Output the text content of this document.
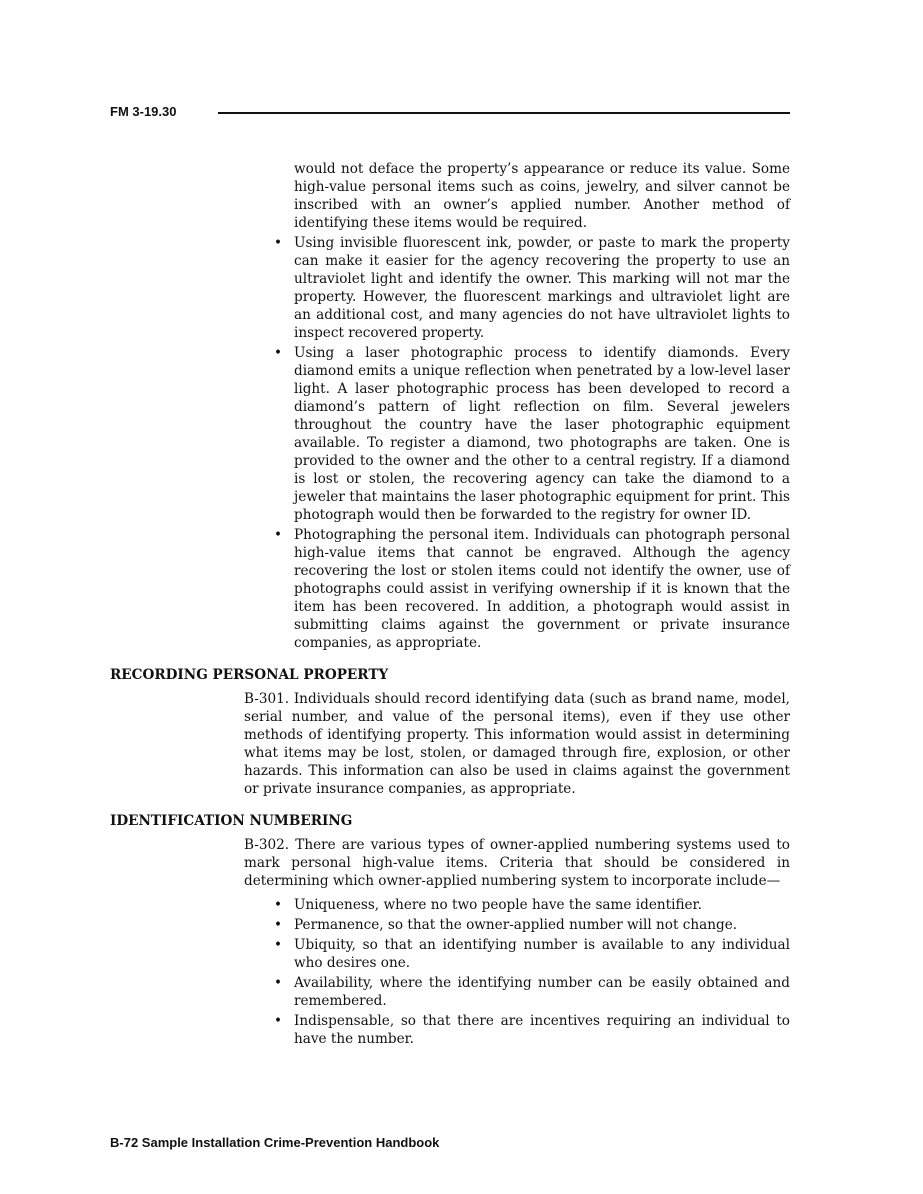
FM 3-19.30

would not deface the property’s appearance or reduce its value. Some high-value personal items such as coins, jewelry, and silver cannot be inscribed with an owner’s applied number. Another method of identifying these items would be required.

• Using invisible fluorescent ink, powder, or paste to mark the property can make it easier for the agency recovering the property to use an ultraviolet light and identify the owner. This marking will not mar the property. However, the fluorescent markings and ultraviolet light are an additional cost, and many agencies do not have ultraviolet lights to inspect recovered property.
• Using a laser photographic process to identify diamonds. Every diamond emits a unique reflection when penetrated by a low-level laser light. A laser photographic process has been developed to record a diamond’s pattern of light reflection on film. Several jewelers throughout the country have the laser photographic equipment available. To register a diamond, two photographs are taken. One is provided to the owner and the other to a central registry. If a diamond is lost or stolen, the recovering agency can take the diamond to a jeweler that maintains the laser photographic equipment for print. This photograph would then be forwarded to the registry for owner ID.
• Photographing the personal item. Individuals can photograph personal high-value items that cannot be engraved. Although the agency recovering the lost or stolen items could not identify the owner, use of photographs could assist in verifying ownership if it is known that the item has been recovered. In addition, a photograph would assist in submitting claims against the government or private insurance companies, as appropriate.
RECORDING PERSONAL PROPERTY

B-301. Individuals should record identifying data (such as brand name, model, serial number, and value of the personal items), even if they use other methods of identifying property. This information would assist in determining what items may be lost, stolen, or damaged through fire, explosion, or other hazards. This information can also be used in claims against the government or private insurance companies, as appropriate.

IDENTIFICATION NUMBERING

B-302. There are various types of owner-applied numbering systems used to mark personal high-value items. Criteria that should be considered in determining which owner-applied numbering system to incorporate include—

• Uniqueness, where no two people have the same identifier.
• Permanence, so that the owner-applied number will not change.
• Ubiquity, so that an identifying number is available to any individual who desires one.
• Availability, where the identifying number can be easily obtained and remembered.
• Indispensable, so that there are incentives requiring an individual to have the number.
B-72 Sample Installation Crime-Prevention Handbook
